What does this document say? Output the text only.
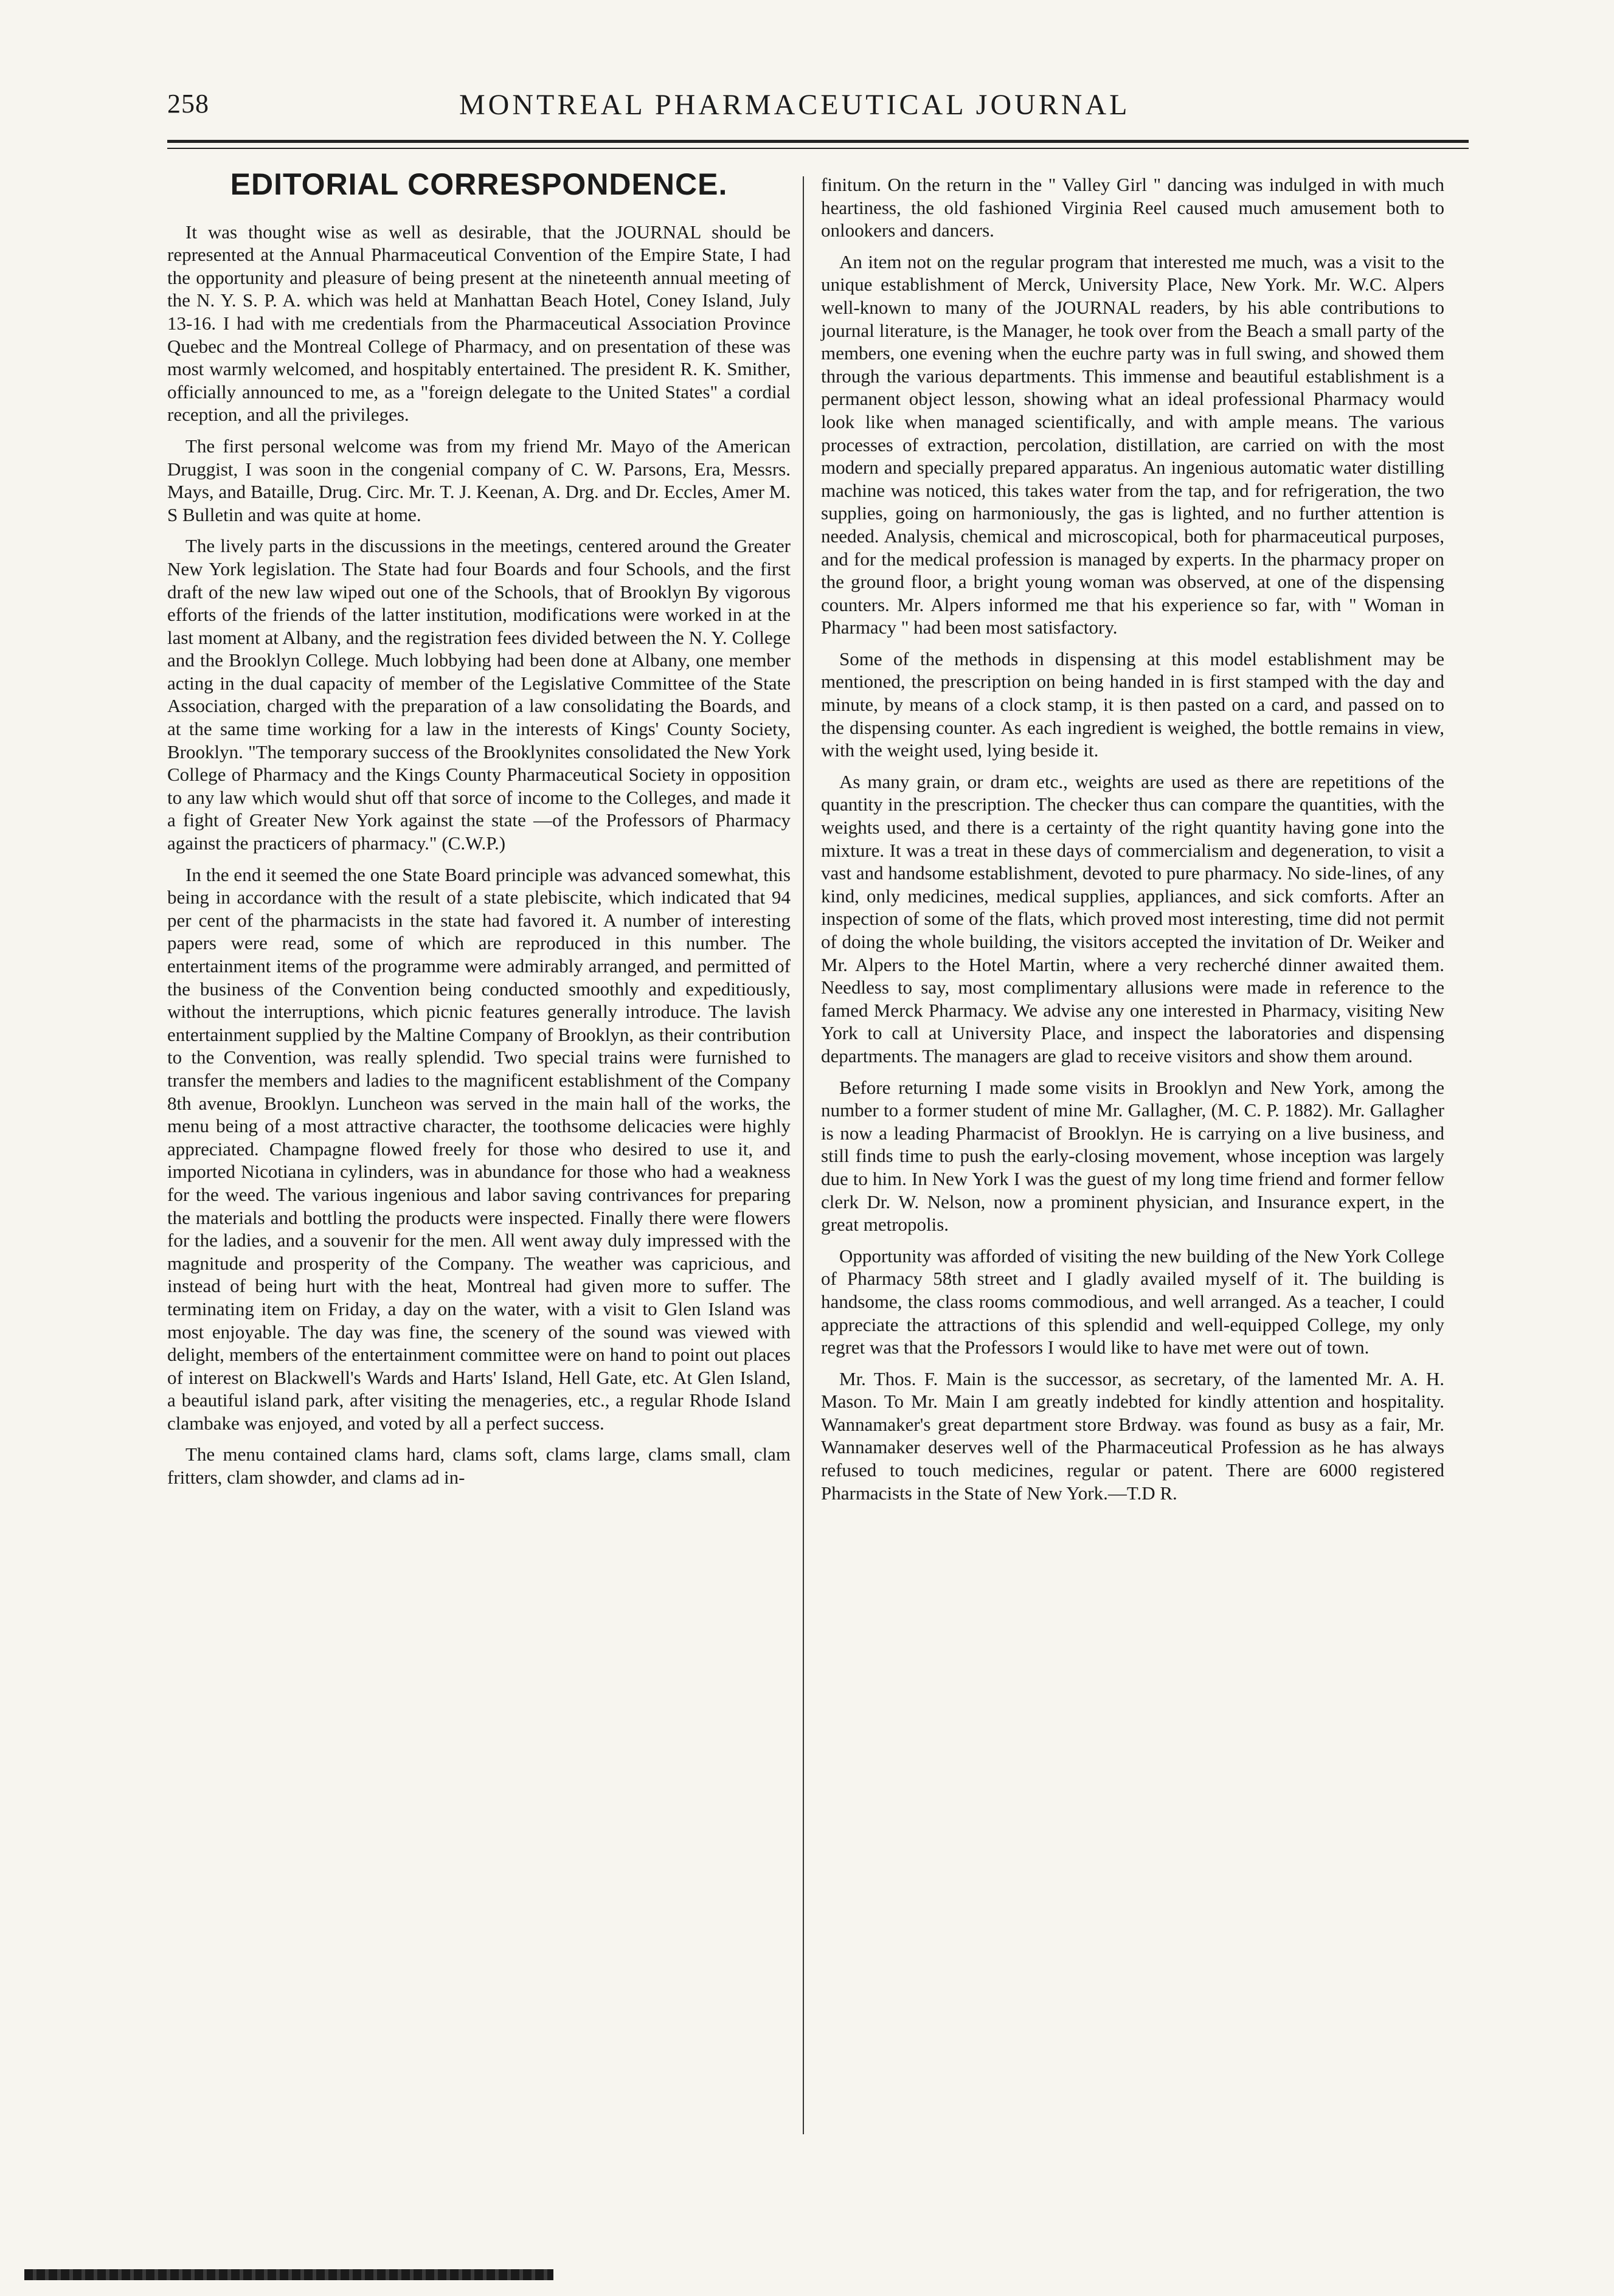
258	MONTREAL PHARMACEUTICAL JOURNAL
EDITORIAL CORRESPONDENCE.

It was thought wise as well as desirable, that the JOURNAL should be represented at the Annual Pharmaceutical Convention of the Empire State, I had the opportunity and pleasure of being present at the nineteenth annual meeting of the N. Y. S. P. A. which was held at Manhattan Beach Hotel, Coney Island, July 13-16. I had with me credentials from the Pharmaceutical Association Province Quebec and the Montreal College of Pharmacy, and on presentation of these was most warmly welcomed, and hospitably entertained. The president R. K. Smither, officially announced to me, as a "foreign delegate to the United States" a cordial reception, and all the privileges.

The first personal welcome was from my friend Mr. Mayo of the American Druggist, I was soon in the congenial company of C. W. Parsons, Era, Messrs. Mays, and Bataille, Drug. Circ. Mr. T. J. Keenan, A. Drg. and Dr. Eccles, Amer M. S Bulletin and was quite at home.

The lively parts in the discussions in the meetings, centered around the Greater New York legislation. The State had four Boards and four Schools, and the first draft of the new law wiped out one of the Schools, that of Brooklyn By vigorous efforts of the friends of the latter institution, modifications were worked in at the last moment at Albany, and the registration fees divided between the N. Y. College and the Brooklyn College. Much lobbying had been done at Albany, one member acting in the dual capacity of member of the Legislative Committee of the State Association, charged with the preparation of a law consolidating the Boards, and at the same time working for a law in the interests of Kings' County Society, Brooklyn. "The temporary success of the Brooklynites consolidated the New York College of Pharmacy and the Kings County Pharmaceutical Society in opposition to any law which would shut off that sorce of income to the Colleges, and made it a fight of Greater New York against the state —of the Professors of Pharmacy against the practicers of pharmacy." (C.W.P.)

In the end it seemed the one State Board principle was advanced somewhat, this being in accordance with the result of a state plebiscite, which indicated that 94 per cent of the pharmacists in the state had favored it. A number of interesting papers were read, some of which are reproduced in this number. The entertainment items of the programme were admirably arranged, and permitted of the business of the Convention being conducted smoothly and expeditiously, without the interruptions, which picnic features generally introduce. The lavish entertainment supplied by the Maltine Company of Brooklyn, as their contribution to the Convention, was really splendid. Two special trains were furnished to transfer the members and ladies to the magnificent establishment of the Company 8th avenue, Brooklyn. Luncheon was served in the main hall of the works, the menu being of a most attractive character, the toothsome delicacies were highly appreciated. Champagne flowed freely for those who desired to use it, and imported Nicotiana in cylinders, was in abundance for those who had a weakness for the weed. The various ingenious and labor saving contrivances for preparing the materials and bottling the products were inspected. Finally there were flowers for the ladies, and a souvenir for the men. All went away duly impressed with the magnitude and prosperity of the Company. The weather was capricious, and instead of being hurt with the heat, Montreal had given more to suffer. The terminating item on Friday, a day on the water, with a visit to Glen Island was most enjoyable. The day was fine, the scenery of the sound was viewed with delight, members of the entertainment committee were on hand to point out places of interest on Blackwell's Wards and Harts' Island, Hell Gate, etc. At Glen Island, a beautiful island park, after visiting the menageries, etc., a regular Rhode Island clambake was enjoyed, and voted by all a perfect success.

The menu contained clams hard, clams soft, clams large, clams small, clam fritters, clam showder, and clams ad in-

finitum. On the return in the " Valley Girl " dancing was indulged in with much heartiness, the old fashioned Virginia Reel caused much amusement both to onlookers and dancers.

An item not on the regular program that interested me much, was a visit to the unique establishment of Merck, University Place, New York. Mr. W.C. Alpers well-known to many of the JOURNAL readers, by his able contributions to journal literature, is the Manager, he took over from the Beach a small party of the members, one evening when the euchre party was in full swing, and showed them through the various departments. This immense and beautiful establishment is a permanent object lesson, showing what an ideal professional Pharmacy would look like when managed scientifically, and with ample means. The various processes of extraction, percolation, distillation, are carried on with the most modern and specially prepared apparatus. An ingenious automatic water distilling machine was noticed, this takes water from the tap, and for refrigeration, the two supplies, going on harmoniously, the gas is lighted, and no further attention is needed. Analysis, chemical and microscopical, both for pharmaceutical purposes, and for the medical profession is managed by experts. In the pharmacy proper on the ground floor, a bright young woman was observed, at one of the dispensing counters. Mr. Alpers informed me that his experience so far, with " Woman in Pharmacy " had been most satisfactory.

Some of the methods in dispensing at this model establishment may be mentioned, the prescription on being handed in is first stamped with the day and minute, by means of a clock stamp, it is then pasted on a card, and passed on to the dispensing counter. As each ingredient is weighed, the bottle remains in view, with the weight used, lying beside it.

As many grain, or dram etc., weights are used as there are repetitions of the quantity in the prescription. The checker thus can compare the quantities, with the weights used, and there is a certainty of the right quantity having gone into the mixture. It was a treat in these days of commercialism and degeneration, to visit a vast and handsome establishment, devoted to pure pharmacy. No side-lines, of any kind, only medicines, medical supplies, appliances, and sick comforts. After an inspection of some of the flats, which proved most interesting, time did not permit of doing the whole building, the visitors accepted the invitation of Dr. Weiker and Mr. Alpers to the Hotel Martin, where a very recherché dinner awaited them. Needless to say, most complimentary allusions were made in reference to the famed Merck Pharmacy. We advise any one interested in Pharmacy, visiting New York to call at University Place, and inspect the laboratories and dispensing departments. The managers are glad to receive visitors and show them around.

Before returning I made some visits in Brooklyn and New York, among the number to a former student of mine Mr. Gallagher, (M. C. P. 1882). Mr. Gallagher is now a leading Pharmacist of Brooklyn. He is carrying on a live business, and still finds time to push the early-closing movement, whose inception was largely due to him. In New York I was the guest of my long time friend and former fellow clerk Dr. W. Nelson, now a prominent physician, and Insurance expert, in the great metropolis.

Opportunity was afforded of visiting the new building of the New York College of Pharmacy 58th street and I gladly availed myself of it. The building is handsome, the class rooms commodious, and well arranged. As a teacher, I could appreciate the attractions of this splendid and well-equipped College, my only regret was that the Professors I would like to have met were out of town.

Mr. Thos. F. Main is the successor, as secretary, of the lamented Mr. A. H. Mason. To Mr. Main I am greatly indebted for kindly attention and hospitality. Wannamaker's great department store Brdway. was found as busy as a fair, Mr. Wannamaker deserves well of the Pharmaceutical Profession as he has always refused to touch medicines, regular or patent. There are 6000 registered Pharmacists in the State of New York.—T.D R.
